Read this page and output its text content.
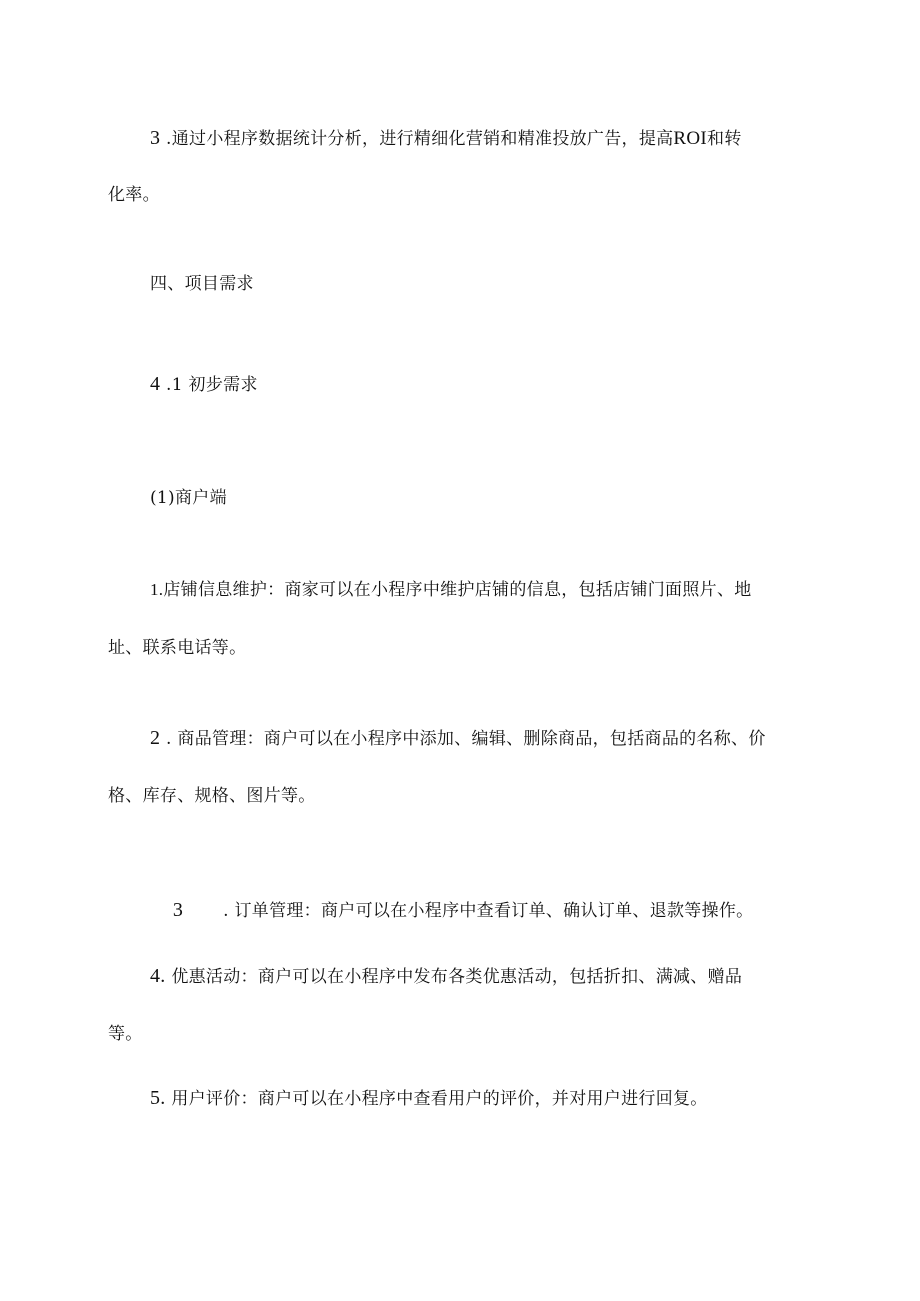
3 .通过小程序数据统计分析，进行精细化营销和精准投放广告，提高ROI和转
化率。
四、项目需求
4 .1 初步需求
(1)商户端
1.店铺信息维护：商家可以在小程序中维护店铺的信息，包括店铺门面照片、地
址、联系电话等。
2 . 商品管理：商户可以在小程序中添加、编辑、删除商品，包括商品的名称、价
格、库存、规格、图片等。

3       . 订单管理：商户可以在小程序中查看订单、确认订单、退款等操作。

4. 优惠活动：商户可以在小程序中发布各类优惠活动，包括折扣、满减、赠品
等。
5. 用户评价：商户可以在小程序中查看用户的评价，并对用户进行回复。
